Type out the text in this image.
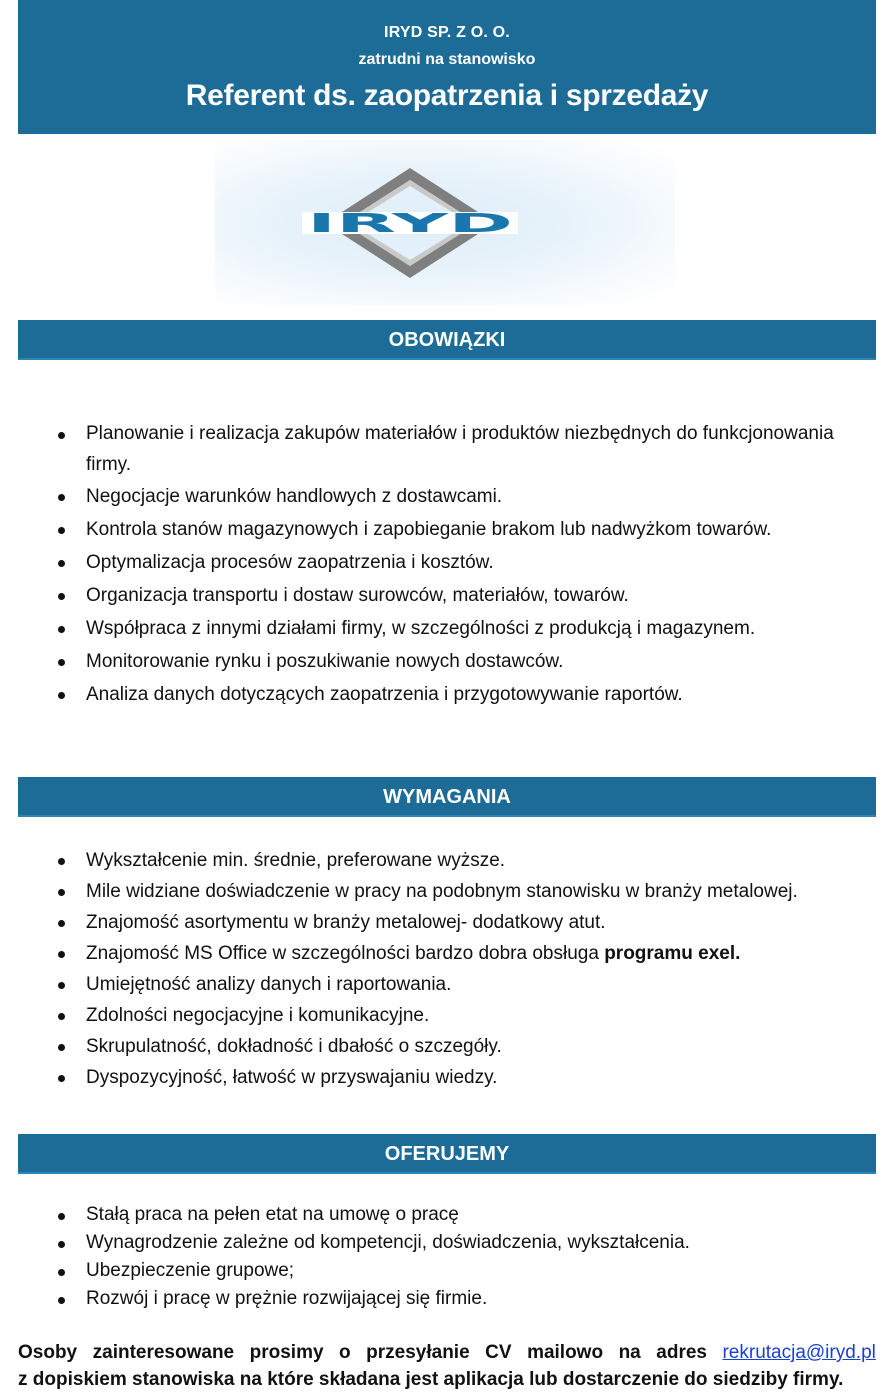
IRYD SP. Z O. O.
zatrudni na stanowisko
Referent ds. zaopatrzenia i sprzedaży
IRYD
OBOWIĄZKI
Planowanie i realizacja zakupów materiałów i produktów niezbędnych do funkcjonowania firmy.
Negocjacje warunków handlowych z dostawcami.
Kontrola stanów magazynowych i zapobieganie brakom lub nadwyżkom towarów.
Optymalizacja procesów zaopatrzenia i kosztów.
Organizacja transportu i dostaw surowców, materiałów, towarów.
Współpraca z innymi działami firmy, w szczególności z produkcją i magazynem.
Monitorowanie rynku i poszukiwanie nowych dostawców.
Analiza danych dotyczących zaopatrzenia i przygotowywanie raportów.
WYMAGANIA
Wykształcenie min. średnie, preferowane wyższe.
Mile widziane doświadczenie w pracy na podobnym stanowisku w branży metalowej.
Znajomość asortymentu w branży metalowej- dodatkowy atut.
Znajomość MS Office w szczególności bardzo dobra obsługa programu exel.
Umiejętność analizy danych i raportowania.
Zdolności negocjacyjne i komunikacyjne.
Skrupulatność, dokładność i dbałość o szczegóły.
Dyspozycyjność, łatwość w przyswajaniu wiedzy.
OFERUJEMY
Stałą praca na pełen etat na umowę o pracę
Wynagrodzenie zależne od kompetencji, doświadczenia, wykształcenia.
Ubezpieczenie grupowe;
Rozwój i pracę w prężnie rozwijającej się firmie.
Osoby zainteresowane prosimy o przesyłanie CV mailowo na adres rekrutacja@iryd.pl
z dopiskiem stanowiska na które składana jest aplikacja lub dostarczenie do siedziby firmy.
